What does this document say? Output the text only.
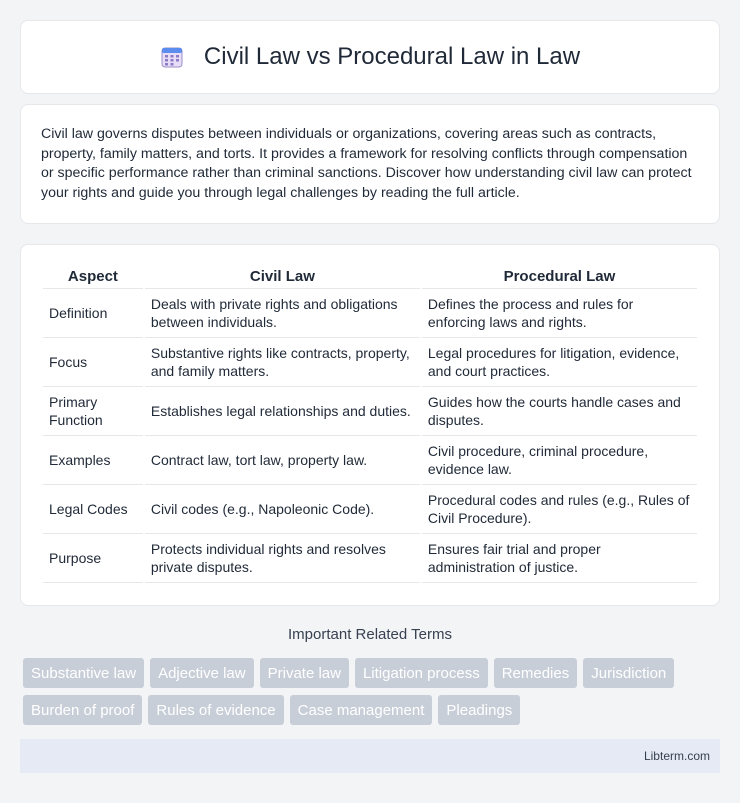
Civil Law vs Procedural Law in Law

Civil law governs disputes between individuals or organizations, covering areas such as contracts, property, family matters, and torts. It provides a framework for resolving conflicts through compensation or specific performance rather than criminal sanctions. Discover how understanding civil law can protect your rights and guide you through legal challenges by reading the full article.

Aspect	Civil Law	Procedural Law
Definition	Deals with private rights and obligations between individuals.	Defines the process and rules for enforcing laws and rights.
Focus	Substantive rights like contracts, property, and family matters.	Legal procedures for litigation, evidence, and court practices.
Primary Function	Establishes legal relationships and duties.	Guides how the courts handle cases and disputes.
Examples	Contract law, tort law, property law.	Civil procedure, criminal procedure, evidence law.
Legal Codes	Civil codes (e.g., Napoleonic Code).	Procedural codes and rules (e.g., Rules of Civil Procedure).
Purpose	Protects individual rights and resolves private disputes.	Ensures fair trial and proper administration of justice.
Important Related Terms
Substantive law	Adjective law	Private law	Litigation process	Remedies	Jurisdiction
Burden of proof	Rules of evidence	Case management	Pleadings
Libterm.com
